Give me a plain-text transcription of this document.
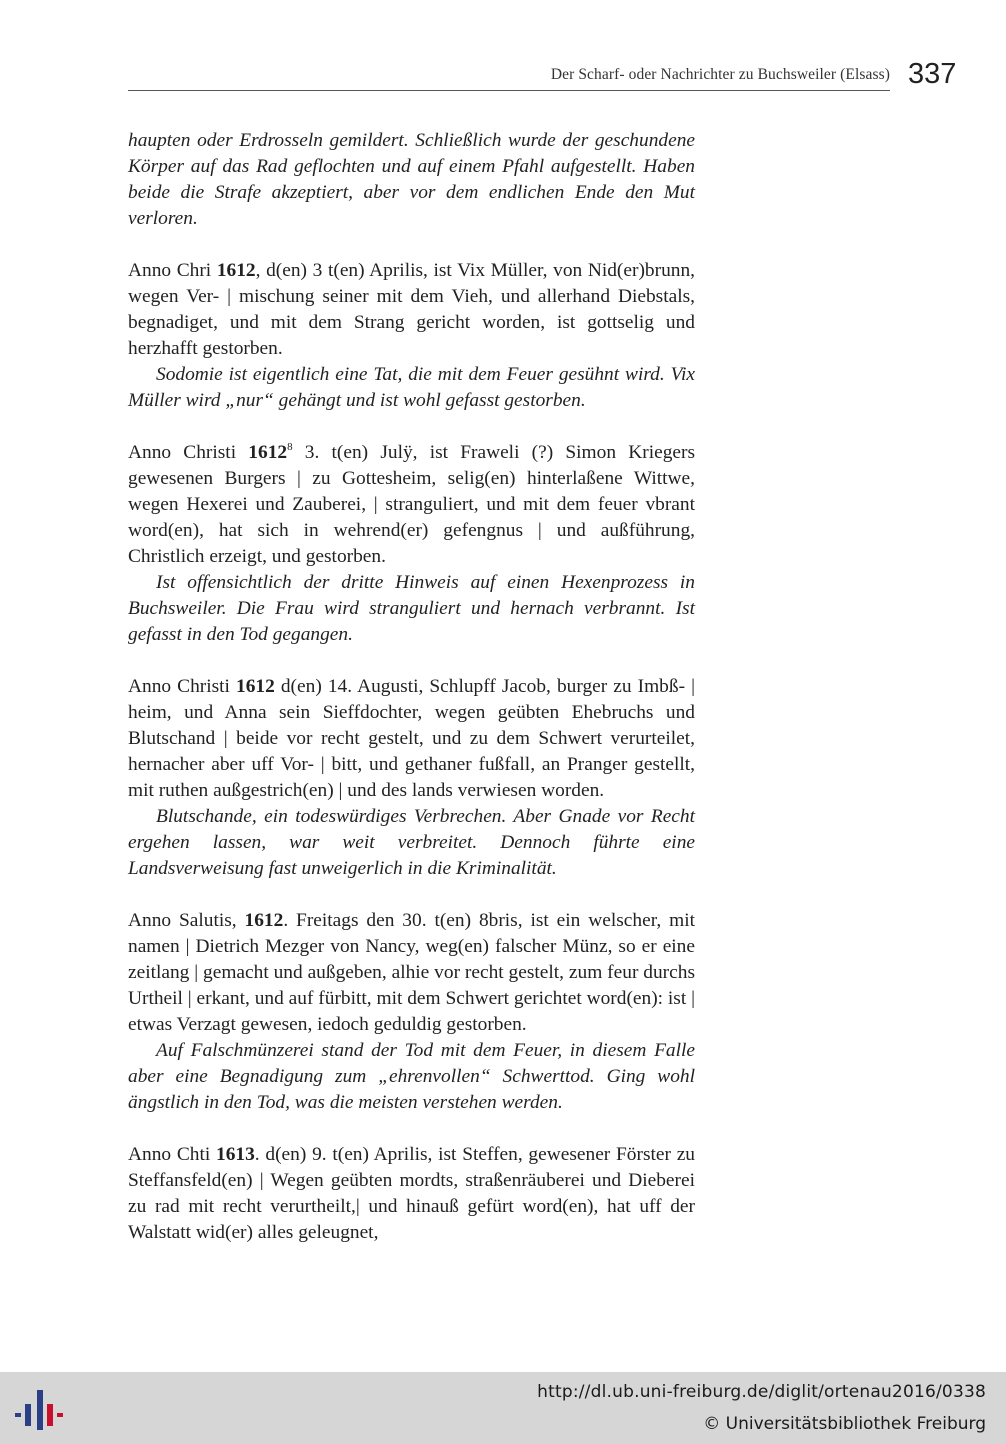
Der Scharf- oder Nachrichter zu Buchsweiler (Elsass) 337

haupten oder Erdrosseln gemildert. Schließlich wurde der geschundene Körper auf das Rad geflochten und auf einem Pfahl aufgestellt. Haben beide die Strafe akzeptiert, aber vor dem endlichen Ende den Mut verloren.

Anno Chri 1612, d(en) 3 t(en) Aprilis, ist Vix Müller, von Nid(er)brunn, wegen Ver- | mischung seiner mit dem Vieh, und allerhand Diebstals, begnadiget, und mit dem Strang gericht worden, ist gottselig und herzhafft gestorben.

Sodomie ist eigentlich eine Tat, die mit dem Feuer gesühnt wird. Vix Müller wird „nur“ gehängt und ist wohl gefasst gestorben.

Anno Christi 1612$^8$ 3. t(en) Julÿ, ist Fraweli (?) Simon Kriegers gewesenen Burgers | zu Gottesheim, selig(en) hinterlaßene Wittwe, wegen Hexerei und Zauberei, | stranguliert, und mit dem feuer vbrant word(en), hat sich in wehrend(er) gefengnus | und außführung, Christlich erzeigt, und gestorben.

Ist offensichtlich der dritte Hinweis auf einen Hexenprozess in Buchsweiler. Die Frau wird stranguliert und hernach verbrannt. Ist gefasst in den Tod gegangen.

Anno Christi 1612 d(en) 14. Augusti, Schlupff Jacob, burger zu Imbß- | heim, und Anna sein Sieffdochter, wegen geübten Ehebruchs und Blutschand | beide vor recht gestelt, und zu dem Schwert verurteilet, hernacher aber uff Vor- | bitt, und gethaner fußfall, an Pranger gestellt, mit ruthen außgestrich(en) | und des lands verwiesen worden.

Blutschande, ein todeswürdiges Verbrechen. Aber Gnade vor Recht ergehen lassen, war weit verbreitet. Dennoch führte eine Landsverweisung fast unweigerlich in die Kriminalität.

Anno Salutis, 1612. Freitags den 30. t(en) 8bris, ist ein welscher, mit namen | Dietrich Mezger von Nancy, weg(en) falscher Münz, so er eine zeitlang | gemacht und außgeben, alhie vor recht gestelt, zum feur durchs Urtheil | erkant, und auf fürbitt, mit dem Schwert gerichtet word(en): ist | etwas Verzagt gewesen, iedoch geduldig gestorben.

Auf Falschmünzerei stand der Tod mit dem Feuer, in diesem Falle aber eine Begnadigung zum „ehrenvollen“ Schwerttod. Ging wohl ängstlich in den Tod, was die meisten verstehen werden.

Anno Chti 1613. d(en) 9. t(en) Aprilis, ist Steffen, gewesener Förster zu Steffansfeld(en) | Wegen geübten mordts, straßenräuberei und Dieberei zu rad mit recht verurtheilt,| und hinauß gefürt word(en), hat uff der Walstatt wid(er) alles geleugnet,

http://dl.ub.uni-freiburg.de/diglit/ortenau2016/0338
© Universitätsbibliothek Freiburg
